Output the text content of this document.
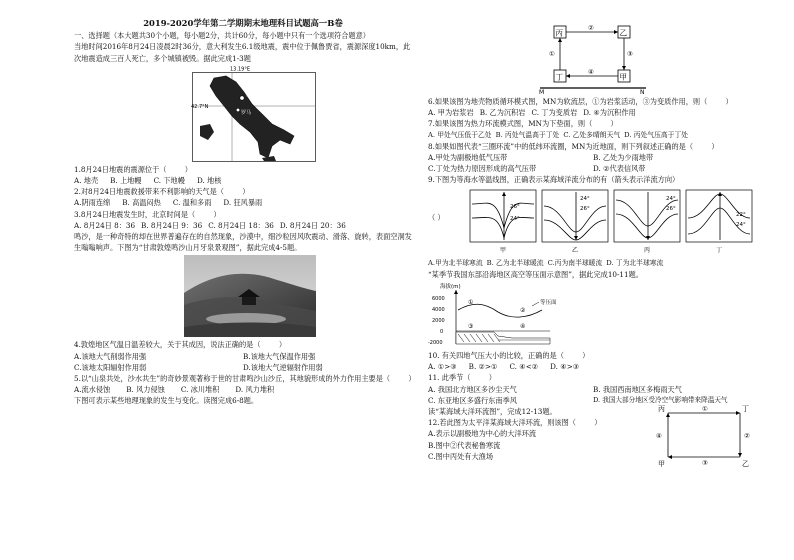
2019-2020学年第二学期期末地理科目试题高一B卷

一、选择题（本大题共30个小题，每小题2分，共计60分，每小题中只有一个选项符合题意）

当地时间2016年8月24日凌晨2时36分，意大利发生6.1级地震，震中位于佩鲁贾省，震源深度10km，此次地震造成三百人死亡，多个城镇被毁。据此完成1-3题

13.19°E
42.7°N
佩鲁贾
罗马

1.8月24日地震的震源位于（        ）

A. 地壳 B. 上地幔 C. 下地幔 D. 地核

2.对8月24日地震救援带来不利影响的天气是（        ）

A.阴雨连绵 B. 高温闷热 C. 温和多雨 D. 狂风暴雨

3.8月24日地震发生时，北京时间是（        ）

A. 8月24日 8：36 B. 8月24日 9：36 C. 8月24日 18：36 D. 8月24日 20：36

鸣沙，是一种奇特的却在世界普遍存在的自然现象，沙漠中，细沙粒因风吹震动、滑落、旋转，表面空洞发生嗡嗡响声。下图为“甘肃敦煌鸣沙山月牙泉景观图”，据此完成4-5题。

4.敦煌地区气温日温差较大，关于其成因，说法正确的是（        ）

A.该地大气削弱作用强	B.该地大气保温作用强
C.该地太阳辐射作用弱	D.该地大气逆辐射作用弱

5.以“山泉共处，沙水共生”的奇妙景观著称于世的甘肃鸣沙山沙丘，其地貌形成的外力作用主要是（        ）

A.流水侵蚀 B. 风力侵蚀 C. 冰川堆积 D. 风力堆积

下图可表示某些地理现象的发生与变化。读图完成6-8题。

丙	乙
丁	甲
②
①	③
④
M	N

6.如果该图为地壳物质循环模式图，MN为软流层，①为岩浆活动，③为变质作用，则（        ）

A. 甲为岩浆岩 B. 乙为沉积岩 C. 丁为变质岩 D. ④为沉积作用

7.如果该图为热力环流模式图，MN为下垫面，则（        ）

A. 甲处气压低于乙处 B. 丙处气温高于丁处 C. 乙处多晴朗天气 D. 丙处气压高于丁处

8.如果如图代表“三圈环流”中的低纬环流圈，MN为近地面，则下列叙述正确的是（        ）

A.甲处为副极地低气压带	B. 乙处为少雨地带
C.丁处为热力原因形成的高气压带	D. ②代表信风带

9.下图为等海水等温线图，正确表示某海域洋流分布的有（箭头表示洋流方向）

（ ）
26°
24°
24°
26°
24°
26°
22°
24°
甲	乙	丙	丁
A.甲为北半球寒流 B. 乙为北半球暖流 C.丙为南半球暖流 D. 丁为北半球寒流

“某季节我国东部沿海地区高空等压面示意图”，据此完成10-11题。

海拔(m)
6000
4000
2000
0
-2000
①
②
③	④
等压面

10. 有关四地气压大小的比较，正确的是（        ）

A. ①>③ B. ②>① C. ④<② D. ④>③

11. 此季节（        ）

A. 我国北方地区多沙尘天气	B. 我国西南地区多梅雨天气
C. 东亚地区多盛行东南季风	D. 我国大部分地区受冷空气影响带来降温天气

读“某海域大洋环流图”，完成12-13题。

12.若此图为太平洋某海域大洋环流，则该图（        ）

A.表示以副极地为中心的大洋环流

B.图中②代表秘鲁寒流

C.图中丙处有大渔场

丙	丁
甲	乙
①
④	②
③
